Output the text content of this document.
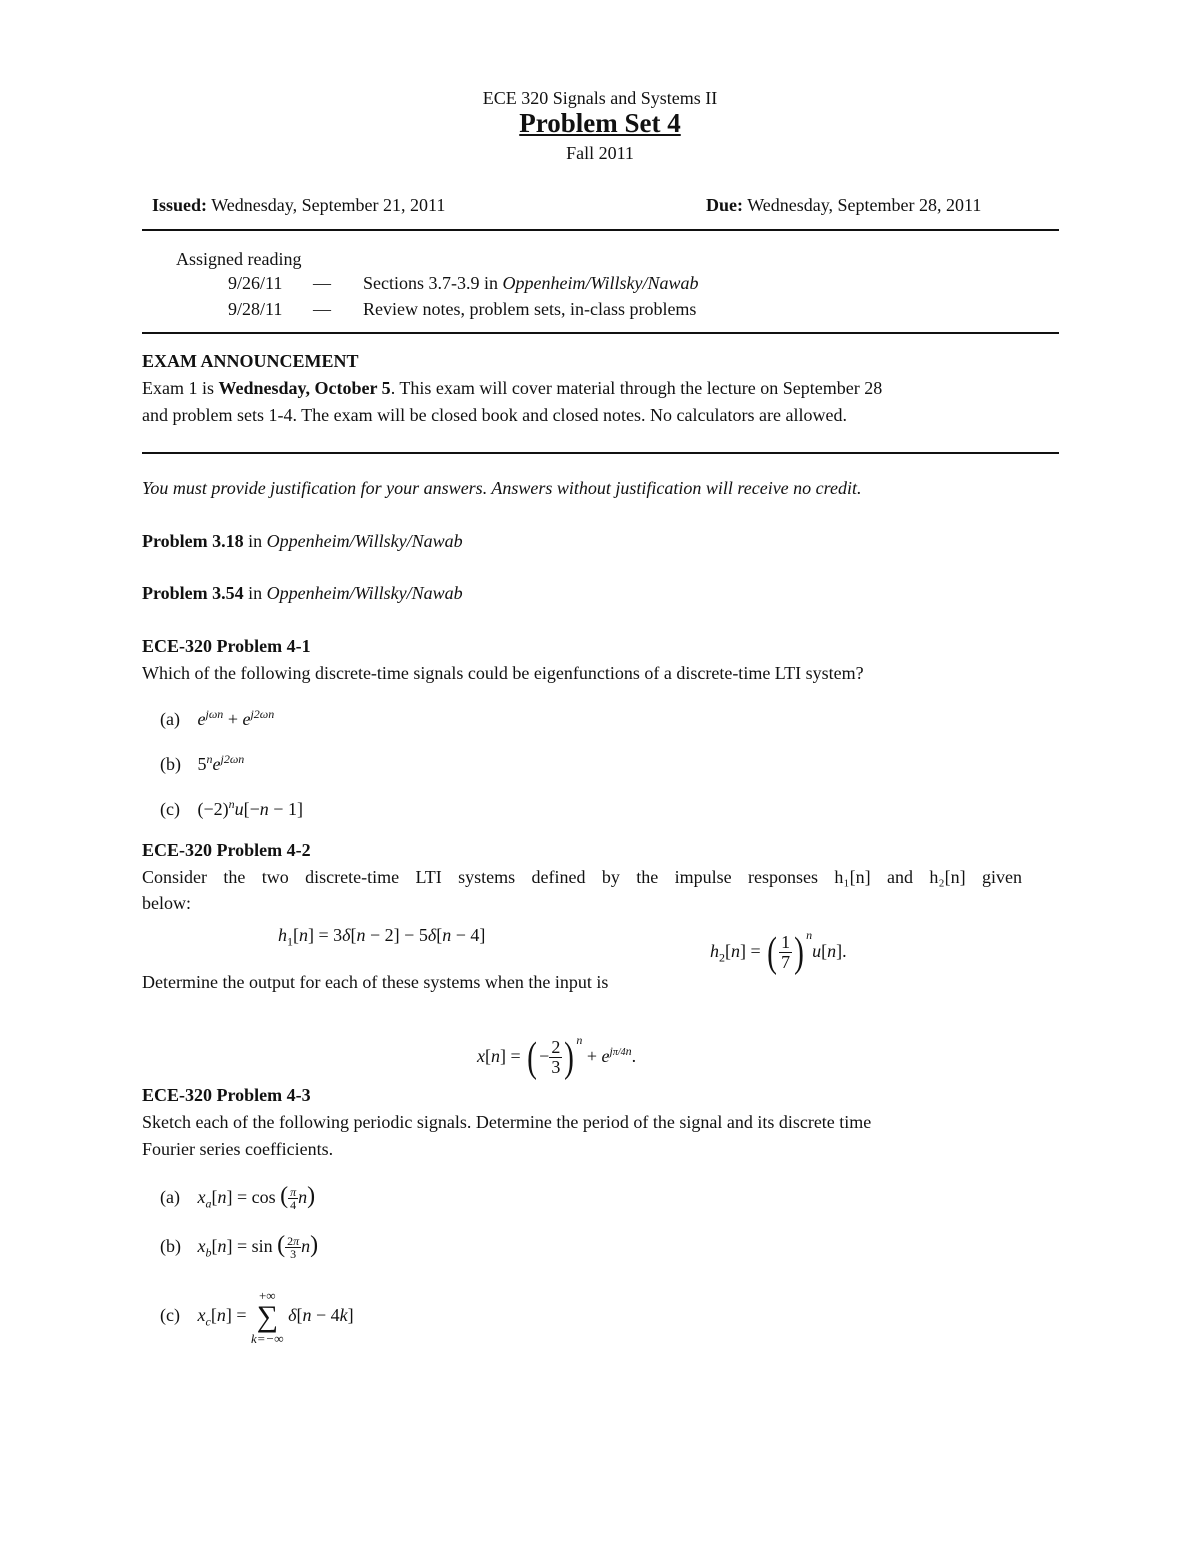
ECE 320 Signals and Systems II
Problem Set 4
Fall 2011
Issued: Wednesday, September 21, 2011	Due: Wednesday, September 28, 2011
Assigned reading
9/26/11 — Sections 3.7-3.9 in Oppenheim/Willsky/Nawab
9/28/11 — Review notes, problem sets, in-class problems
EXAM ANNOUNCEMENT
Exam 1 is Wednesday, October 5. This exam will cover material through the lecture on September 28
and problem sets 1-4. The exam will be closed book and closed notes. No calculators are allowed.
You must provide justification for your answers. Answers without justification will receive no credit.
Problem 3.18 in Oppenheim/Willsky/Nawab
Problem 3.54 in Oppenheim/Willsky/Nawab
ECE-320 Problem 4-1
Which of the following discrete-time signals could be eigenfunctions of a discrete-time LTI system?
(a) $e^{j\omega n} + e^{j2\omega n}$
(b) $5^ne^{j2\omega n}$
(c) $(-2)^nu[-n - 1]$
ECE-320 Problem 4-2
Consider the two discrete-time LTI systems defined by the impulse responses h₁[n] and h₂[n] given
below:
$h_1[n] = 3\delta[n - 2] - 5\delta[n - 4]$
$h_2[n]$ = ( $\frac{1}{7}$ ) $^n$u[n].
Determine the output for each of these systems when the input is
x[n] = ( − $\frac{2}{3}$ ) $^n + e^{j\pi/4n}$.
ECE-320 Problem 4-3
Sketch each of the following periodic signals. Determine the period of the signal and its discrete time
Fourier series coefficients.
(a) $x_a[n] = \cos$ ( $\frac{\pi}{4} n$)
(b) $x_b[n] = \sin$ ( $\frac{2\pi}{3} n$)
(c) $x_c[n]$ =
+∞
∑
k=−∞
δ[n − 4k]
